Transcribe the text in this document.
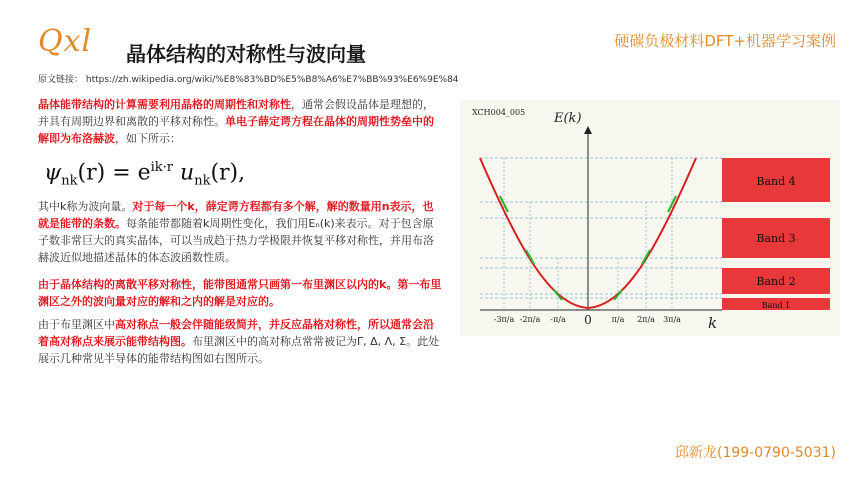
Qxl 晶体结构的对称性与波向量
硬碳负极材料DFT+机器学习案例
原文链接： https://zh.wikipedia.org/wiki/%E8%83%BD%E5%B8%A6%E7%BB%93%E6%9E%84
晶体能带结构的计算需要利用晶格的周期性和对称性，通常会假设晶体是理想的，并具有周期边界和离散的平移对称性。单电子薛定谔方程在晶体的周期性势垒中的解即为布洛赫波，如下所示：
$\psi_{nk}(r) = e^{ik\cdot r}$ $u_{nk}(r)$,
其中k称为波向量。对于每一个k，薛定谔方程都有多个解，解的数量用n表示，也就是能带的条数。每条能带都随着k周期性变化，我们用Eₙ(k)来表示。对于包含原子数非常巨大的真实晶体，可以当成趋于热力学极限并恢复平移对称性，并用布洛赫波近似地描述晶体的体态波函数性质。
由于晶体结构的离散平移对称性，能带图通常只画第一布里渊区以内的k。第一布里渊区之外的波向量对应的解和之内的解是对应的。
由于布里渊区中高对称点一般会伴随能级简并，并反应晶格对称性，所以通常会沿着高对称点来展示能带结构图。布里渊区中的高对称点常常被记为Γ, Δ, Λ, Σ。此处展示几种常见半导体的能带结构图如右图所示。
XCH004_005 E(k)
Band 4
Band 3
Band 2
Band 1
-3π/a -2π/a -π/a 0 π/a 2π/a 3π/a k
邱新龙(199-0790-5031)
